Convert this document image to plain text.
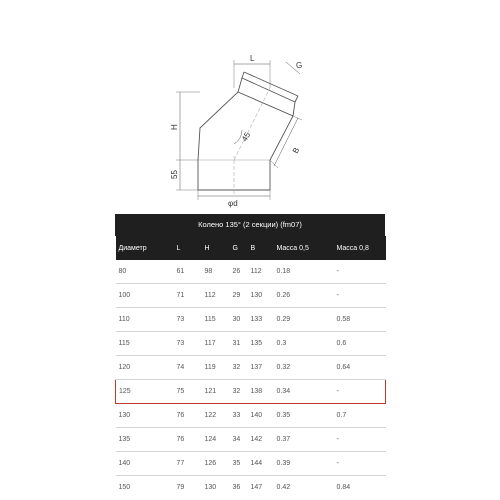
L
G
45
H
55
B
φd
Колено 135° (2 секции) (fm07)
Диаметр	L	H	G	B	Масса 0,5	Масса 0,8
80	61	98	26	112	0.18	-
100	71	112	29	130	0.26	-
110	73	115	30	133	0.29	0.58
115	73	117	31	135	0.3	0.6
120	74	119	32	137	0.32	0.64
125	75	121	32	138	0.34	-
130	76	122	33	140	0.35	0.7
135	76	124	34	142	0.37	-
140	77	126	35	144	0.39	-
150	79	130	36	147	0.42	0.84
